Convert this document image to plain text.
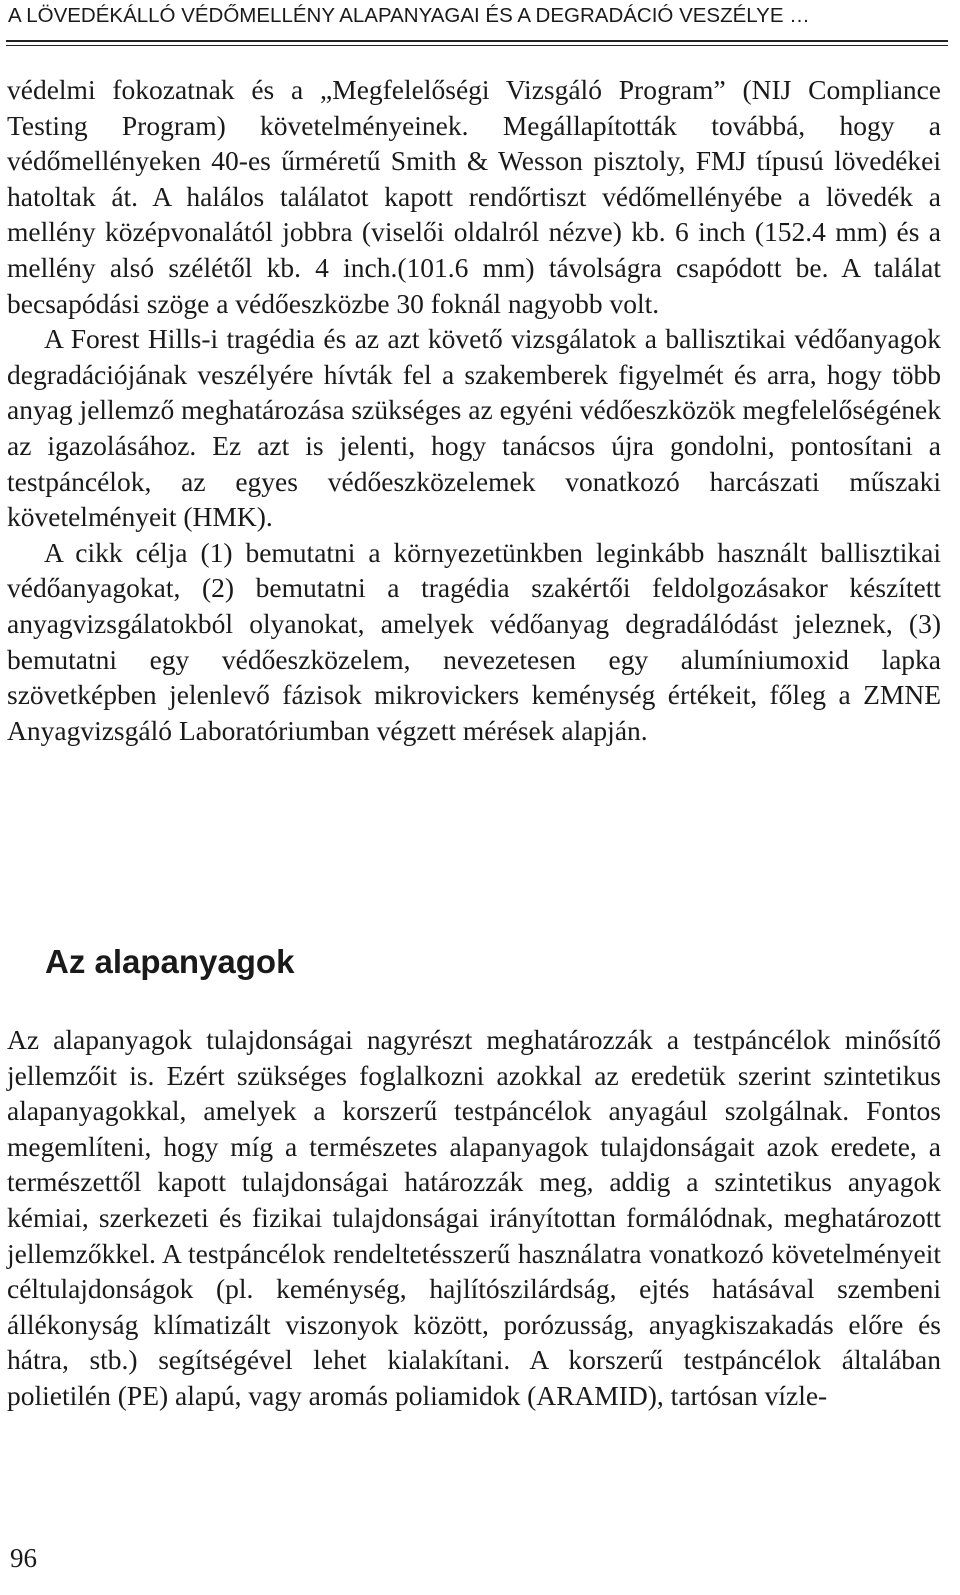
A LÖVEDÉKÁLLÓ VÉDŐMELLÉNY ALAPANYAGAI ÉS A DEGRADÁCIÓ VESZÉLYE …

védelmi fokozatnak és a „Megfelelőségi Vizsgáló Program” (NIJ Compliance Testing Program) követelményeinek. Megállapították továbbá, hogy a védőmellényeken 40-es űrméretű Smith & Wesson pisztoly, FMJ típusú lövedékei hatoltak át. A halálos találatot kapott rendőrtiszt védőmellényébe a lövedék a mellény középvonalától jobbra (viselői oldalról nézve) kb. 6 inch (152.4 mm) és a mellény alsó szélétől kb. 4 inch.(101.6 mm) távolságra csapódott be. A találat becsapódási szöge a védőeszközbe 30 foknál nagyobb volt.

A Forest Hills-i tragédia és az azt követő vizsgálatok a ballisztikai védőanyagok degradációjának veszélyére hívták fel a szakemberek figyelmét és arra, hogy több anyag jellemző meghatározása szükséges az egyéni védőeszközök megfelelőségének az igazolásához. Ez azt is jelenti, hogy tanácsos újra gondolni, pontosítani a testpáncélok, az egyes védőeszközelemek vonatkozó harcászati műszaki követelményeit (HMK).

A cikk célja (1) bemutatni a környezetünkben leginkább használt ballisztikai védőanyagokat, (2) bemutatni a tragédia szakértői feldolgozásakor készített anyagvizsgálatokból olyanokat, amelyek védőanyag degradálódást jeleznek, (3) bemutatni egy védőeszközelem, nevezetesen egy alumíniumoxid lapka szövetképben jelenlevő fázisok mikrovickers keménység értékeit, főleg a ZMNE Anyagvizsgáló Laboratóriumban végzett mérések alapján.

Az alapanyagok

Az alapanyagok tulajdonságai nagyrészt meghatározzák a testpáncélok minősítő jellemzőit is. Ezért szükséges foglalkozni azokkal az eredetük szerint szintetikus alapanyagokkal, amelyek a korszerű testpáncélok anyagául szolgálnak. Fontos megemlíteni, hogy míg a természetes alapanyagok tulajdonságait azok eredete, a természettől kapott tulajdonságai határozzák meg, addig a szintetikus anyagok kémiai, szerkezeti és fizikai tulajdonságai irányítottan formálódnak, meghatározott jellemzőkkel. A testpáncélok rendeltetésszerű használatra vonatkozó követelményeit céltulajdonságok (pl. keménység, hajlítószilárdság, ejtés hatásával szembeni állékonyság klímatizált viszonyok között, porózusság, anyagkiszakadás előre és hátra, stb.) segítségével lehet kialakítani. A korszerű testpáncélok általában polietilén (PE) alapú, vagy aromás poliamidok (ARAMID), tartósan vízle-

96
